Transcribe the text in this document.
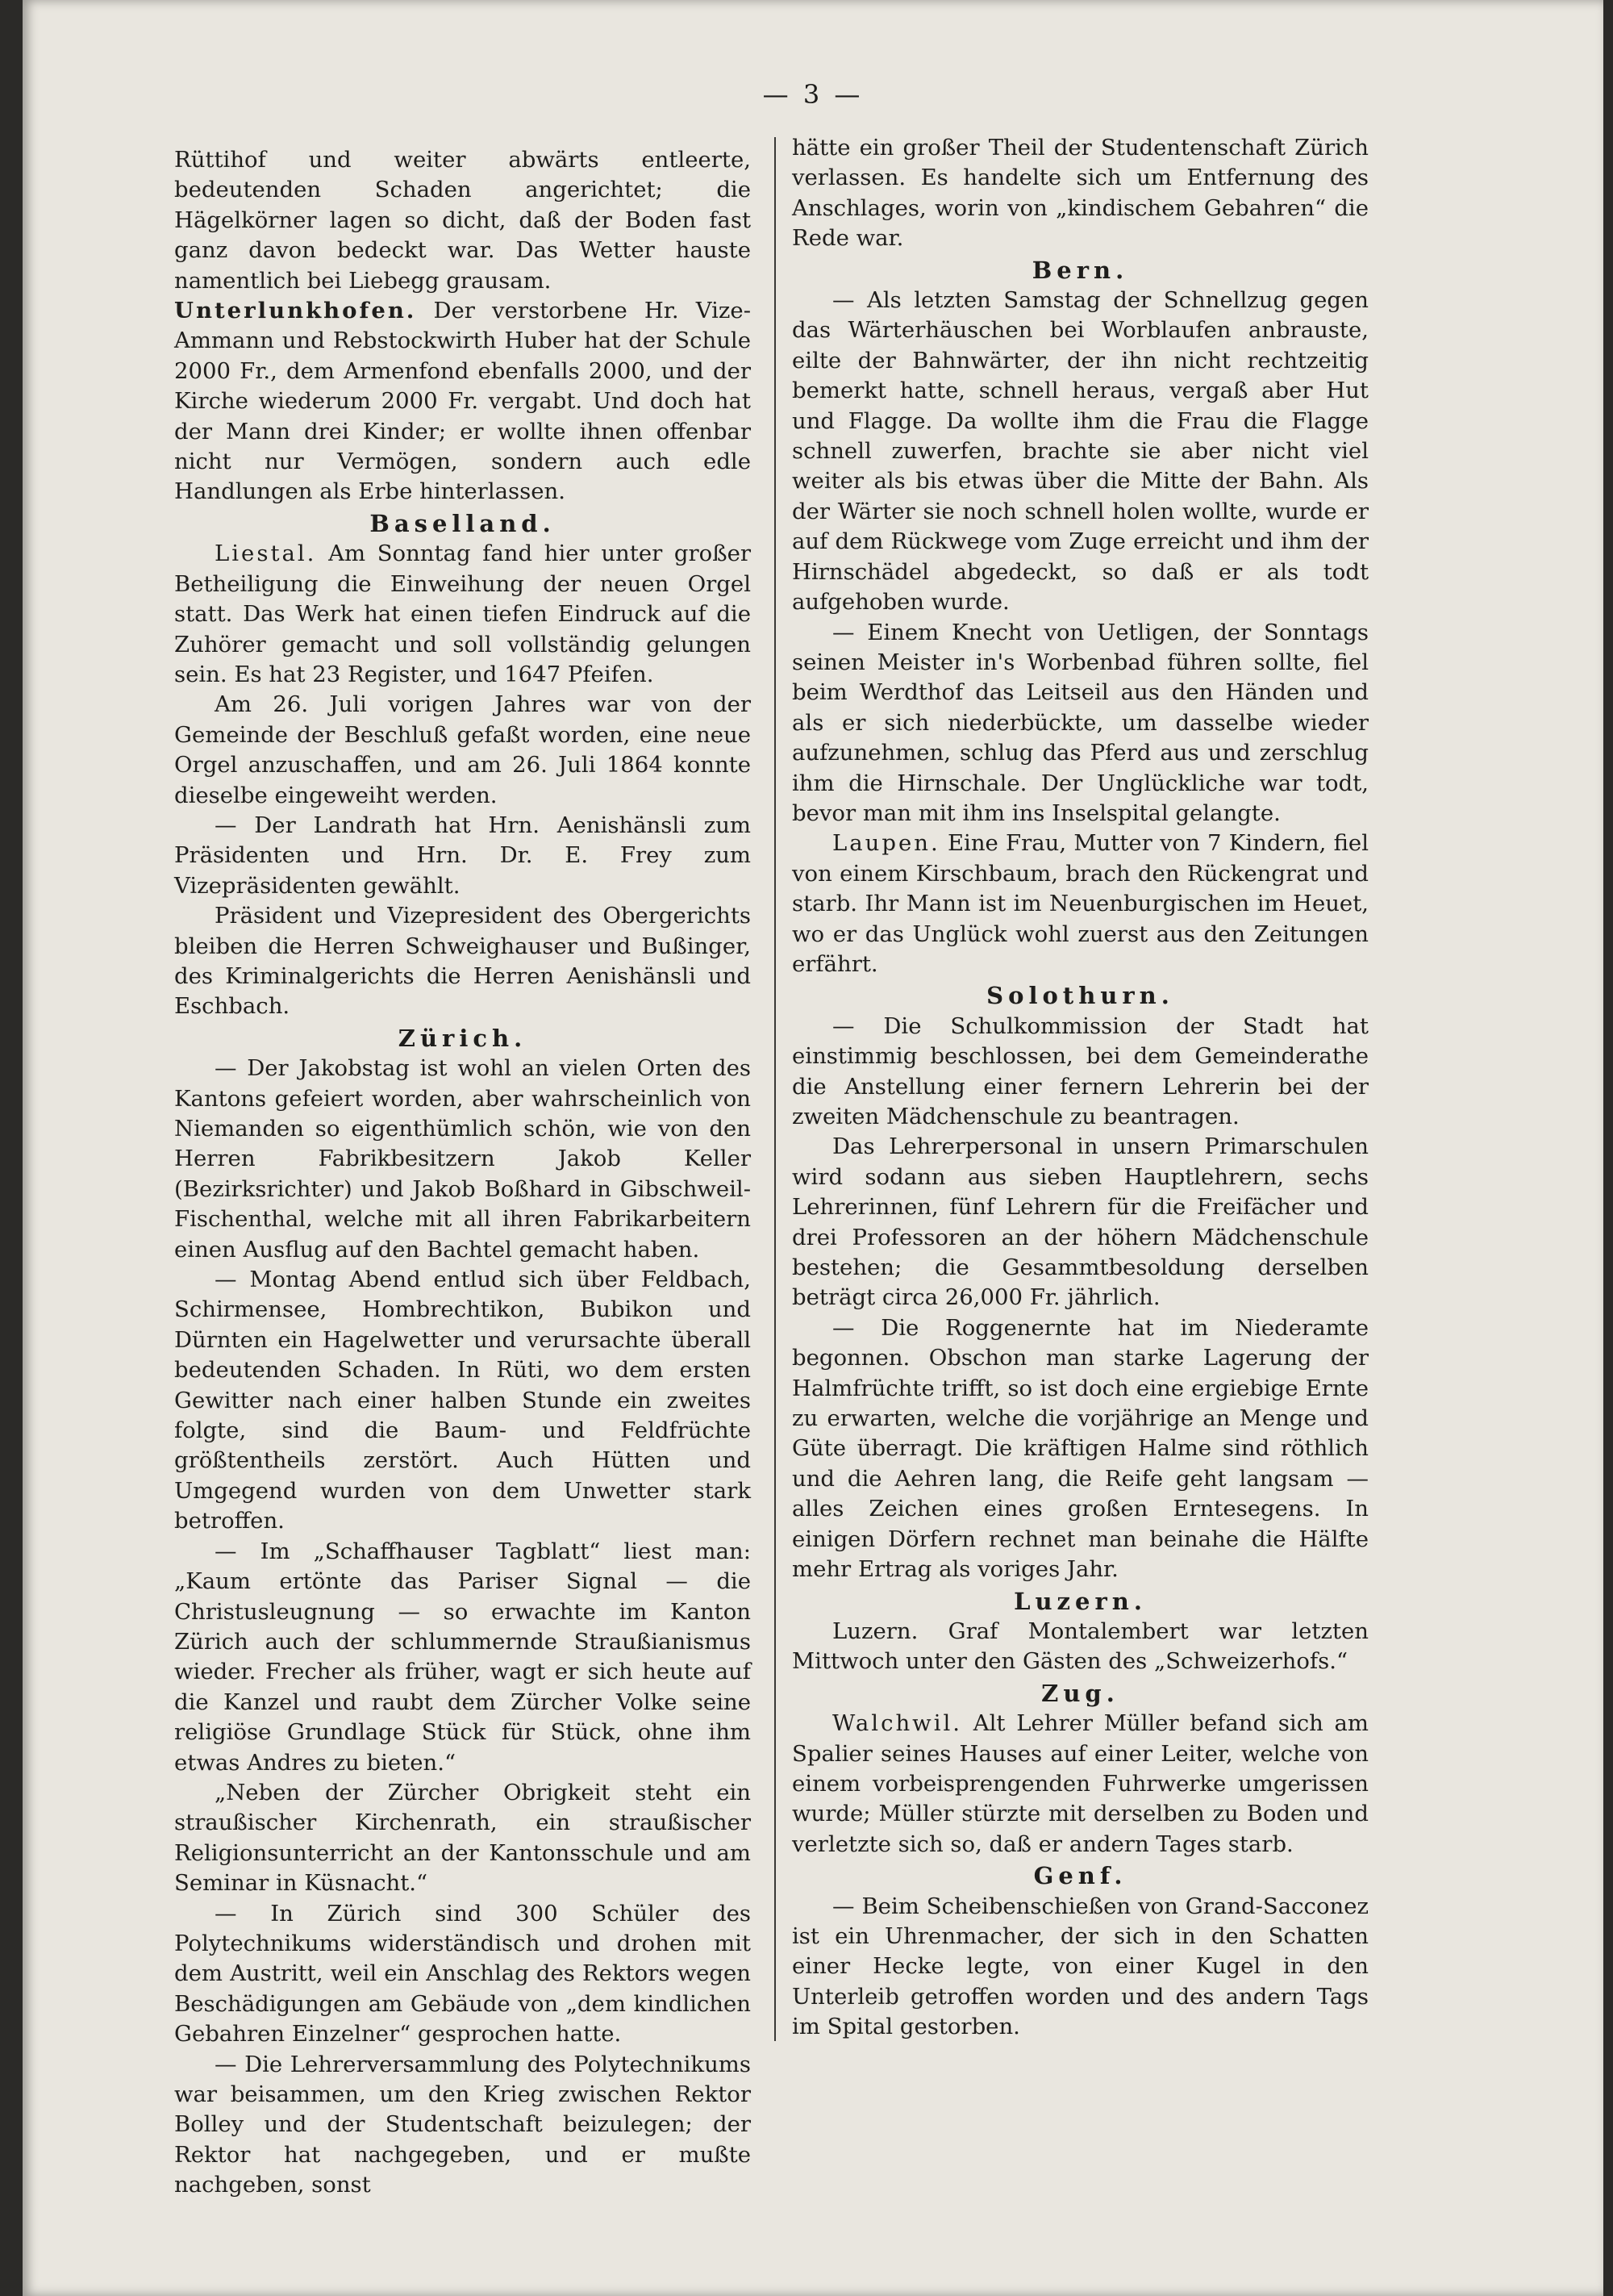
— 3 —

Rüttihof und weiter abwärts entleerte, bedeutenden Schaden angerichtet; die Hägelkörner lagen so dicht, daß der Boden fast ganz davon bedeckt war. Das Wetter hauste namentlich bei Liebegg grausam.

Unterlunkhofen. Der verstorbene Hr. Vize-Ammann und Rebstockwirth Huber hat der Schule 2000 Fr., dem Armenfond ebenfalls 2000, und der Kirche wiederum 2000 Fr. vergabt. Und doch hat der Mann drei Kinder; er wollte ihnen offenbar nicht nur Vermögen, sondern auch edle Handlungen als Erbe hinterlassen.

Baselland.

Liestal. Am Sonntag fand hier unter großer Betheiligung die Einweihung der neuen Orgel statt. Das Werk hat einen tiefen Eindruck auf die Zuhörer gemacht und soll vollständig gelungen sein. Es hat 23 Register, und 1647 Pfeifen.

Am 26. Juli vorigen Jahres war von der Gemeinde der Beschluß gefaßt worden, eine neue Orgel anzuschaffen, und am 26. Juli 1864 konnte dieselbe eingeweiht werden.

— Der Landrath hat Hrn. Aenishänsli zum Präsidenten und Hrn. Dr. E. Frey zum Vizepräsidenten gewählt.

Präsident und Vizepresident des Obergerichts bleiben die Herren Schweighauser und Bußinger, des Kriminalgerichts die Herren Aenishänsli und Eschbach.

Zürich.

— Der Jakobstag ist wohl an vielen Orten des Kantons gefeiert worden, aber wahrscheinlich von Niemanden so eigenthümlich schön, wie von den Herren Fabrikbesitzern Jakob Keller (Bezirksrichter) und Jakob Boßhard in Gibschweil-Fischenthal, welche mit all ihren Fabrikarbeitern einen Ausflug auf den Bachtel gemacht haben.

— Montag Abend entlud sich über Feldbach, Schirmensee, Hombrechtikon, Bubikon und Dürnten ein Hagelwetter und verursachte überall bedeutenden Schaden. In Rüti, wo dem ersten Gewitter nach einer halben Stunde ein zweites folgte, sind die Baum- und Feldfrüchte größtentheils zerstört. Auch Hütten und Umgegend wurden von dem Unwetter stark betroffen.

— Im „Schaffhauser Tagblatt“ liest man: „Kaum ertönte das Pariser Signal — die Christusleugnung — so erwachte im Kanton Zürich auch der schlummernde Straußianismus wieder. Frecher als früher, wagt er sich heute auf die Kanzel und raubt dem Zürcher Volke seine religiöse Grundlage Stück für Stück, ohne ihm etwas Andres zu bieten.“

„Neben der Zürcher Obrigkeit steht ein straußischer Kirchenrath, ein straußischer Religionsunterricht an der Kantonsschule und am Seminar in Küsnacht.“

— In Zürich sind 300 Schüler des Polytechnikums widerständisch und drohen mit dem Austritt, weil ein Anschlag des Rektors wegen Beschädigungen am Gebäude von „dem kindlichen Gebahren Einzelner“ gesprochen hatte.

— Die Lehrerversammlung des Polytechnikums war beisammen, um den Krieg zwischen Rektor Bolley und der Studentschaft beizulegen; der Rektor hat nachgegeben, und er mußte nachgeben, sonst

hätte ein großer Theil der Studentenschaft Zürich verlassen. Es handelte sich um Entfernung des Anschlages, worin von „kindischem Gebahren“ die Rede war.

Bern.

— Als letzten Samstag der Schnellzug gegen das Wärterhäuschen bei Worblaufen anbrauste, eilte der Bahnwärter, der ihn nicht rechtzeitig bemerkt hatte, schnell heraus, vergaß aber Hut und Flagge. Da wollte ihm die Frau die Flagge schnell zuwerfen, brachte sie aber nicht viel weiter als bis etwas über die Mitte der Bahn. Als der Wärter sie noch schnell holen wollte, wurde er auf dem Rückwege vom Zuge erreicht und ihm der Hirnschädel abgedeckt, so daß er als todt aufgehoben wurde.

— Einem Knecht von Uetligen, der Sonntags seinen Meister in's Worbenbad führen sollte, fiel beim Werdthof das Leitseil aus den Händen und als er sich niederbückte, um dasselbe wieder aufzunehmen, schlug das Pferd aus und zerschlug ihm die Hirnschale. Der Unglückliche war todt, bevor man mit ihm ins Inselspital gelangte.

Laupen. Eine Frau, Mutter von 7 Kindern, fiel von einem Kirschbaum, brach den Rückengrat und starb. Ihr Mann ist im Neuenburgischen im Heuet, wo er das Unglück wohl zuerst aus den Zeitungen erfährt.

Solothurn.

— Die Schulkommission der Stadt hat einstimmig beschlossen, bei dem Gemeinderathe die Anstellung einer fernern Lehrerin bei der zweiten Mädchenschule zu beantragen.

Das Lehrerpersonal in unsern Primarschulen wird sodann aus sieben Hauptlehrern, sechs Lehrerinnen, fünf Lehrern für die Freifächer und drei Professoren an der höhern Mädchenschule bestehen; die Gesammtbesoldung derselben beträgt circa 26,000 Fr. jährlich.

— Die Roggenernte hat im Niederamte begonnen. Obschon man starke Lagerung der Halmfrüchte trifft, so ist doch eine ergiebige Ernte zu erwarten, welche die vorjährige an Menge und Güte überragt. Die kräftigen Halme sind röthlich und die Aehren lang, die Reife geht langsam — alles Zeichen eines großen Erntesegens. In einigen Dörfern rechnet man beinahe die Hälfte mehr Ertrag als voriges Jahr.

Luzern.

Luzern. Graf Montalembert war letzten Mittwoch unter den Gästen des „Schweizerhofs.“

Zug.

Walchwil. Alt Lehrer Müller befand sich am Spalier seines Hauses auf einer Leiter, welche von einem vorbeisprengenden Fuhrwerke umgerissen wurde; Müller stürzte mit derselben zu Boden und verletzte sich so, daß er andern Tages starb.

Genf.

— Beim Scheibenschießen von Grand-Sacconez ist ein Uhrenmacher, der sich in den Schatten einer Hecke legte, von einer Kugel in den Unterleib getroffen worden und des andern Tags im Spital gestorben.
